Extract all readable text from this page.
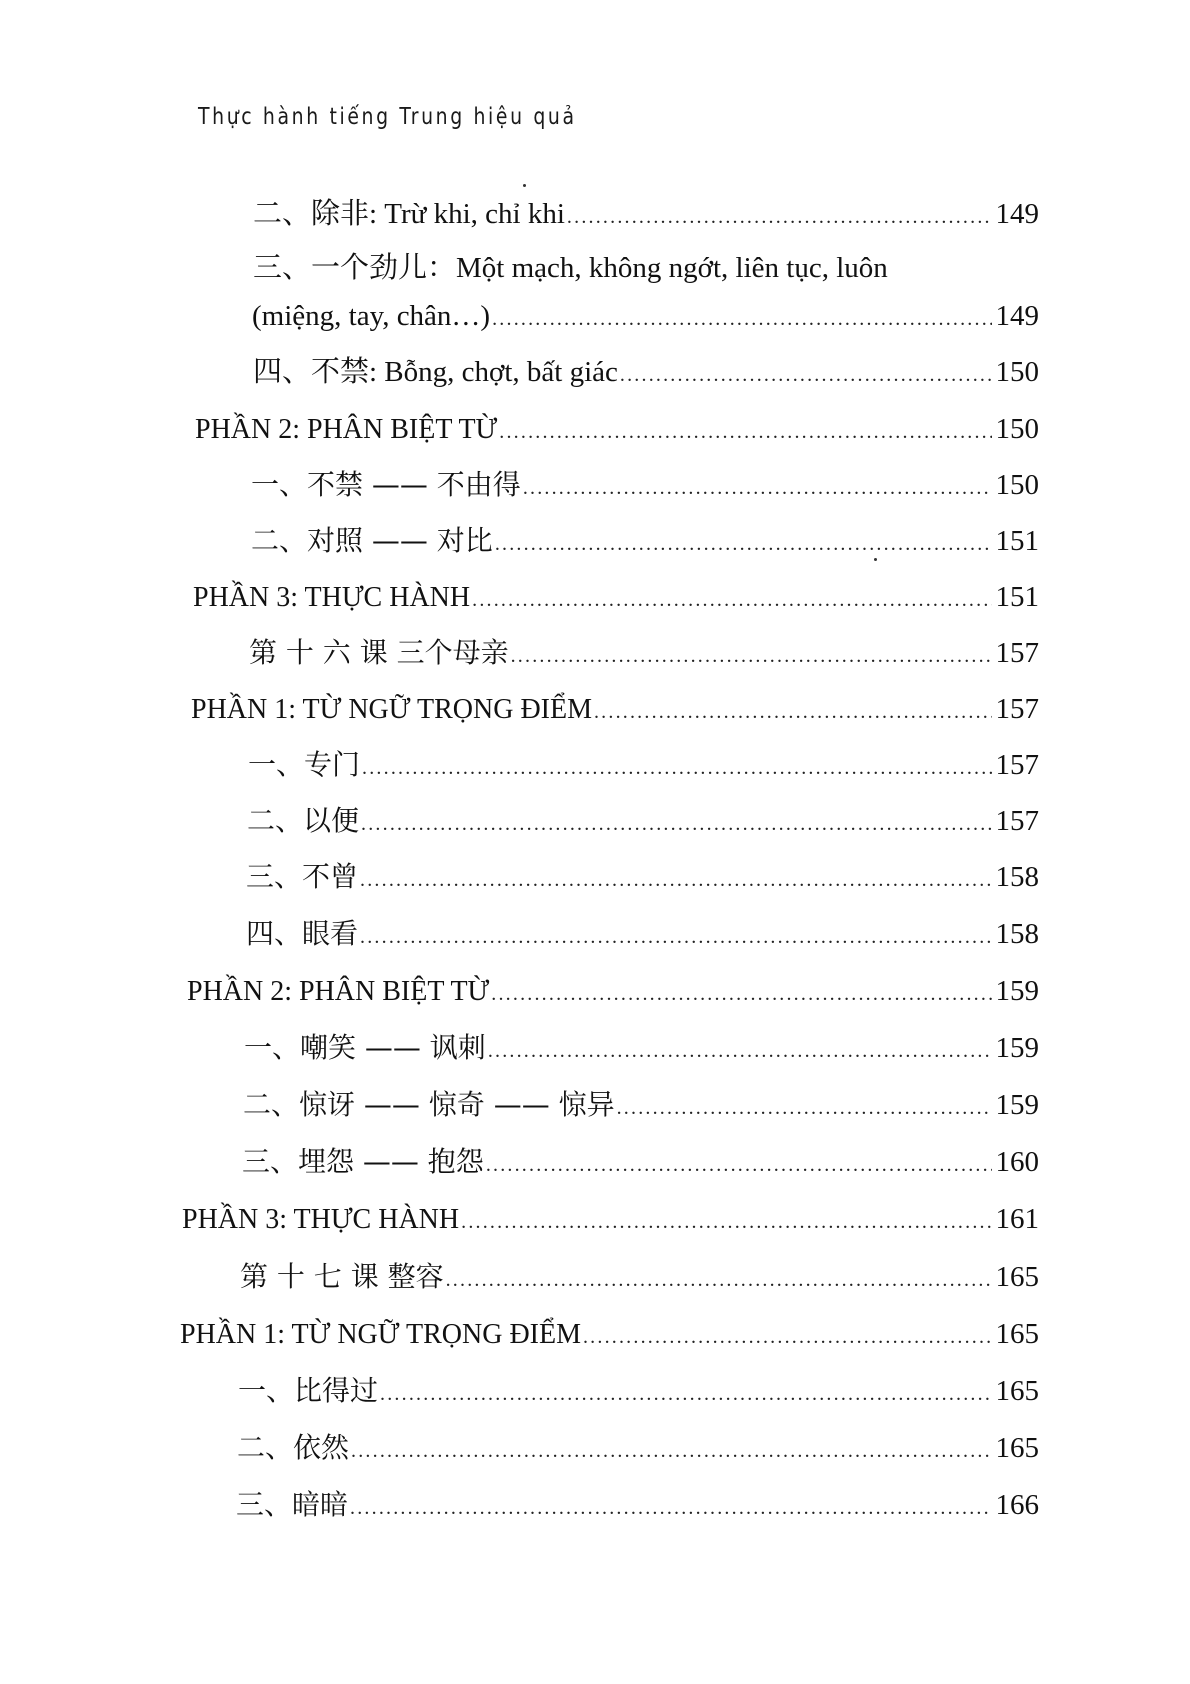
Thực hành tiếng Trung hiệu quả
二、除非: Trừ khi, chỉ khi .....	149
三、一个劲儿：Một mạch, không ngớt, liên tục, luôn
(miệng, tay, chân…) .....	149
四、不禁: Bỗng, chợt, bất giác .....	150
PHẦN 2: PHÂN BIỆT TỪ .....	150
一、不禁 —— 不由得 .....	150
二、对照 —— 对比 .....	151
PHẦN 3: THỰC HÀNH .....	151
第 十 六 课 三个母亲 .....	157
PHẦN 1: TỪ NGỮ TRỌNG ĐIỂM .....	157
一、专门 .....	157
二、以便 .....	157
三、不曾 .....	158
四、眼看 .....	158
PHẦN 2: PHÂN BIỆT TỪ .....	159
一、嘲笑 —— 讽刺 .....	159
二、惊讶 —— 惊奇 —— 惊异 .....	159
三、埋怨 —— 抱怨 .....	160
PHẦN 3: THỰC HÀNH .....	161
第 十 七 课 整容 .....	165
PHẦN 1: TỪ NGỮ TRỌNG ĐIỂM .....	165
一、比得过 .....	165
二、依然 .....	165
三、暗暗 .....	166
